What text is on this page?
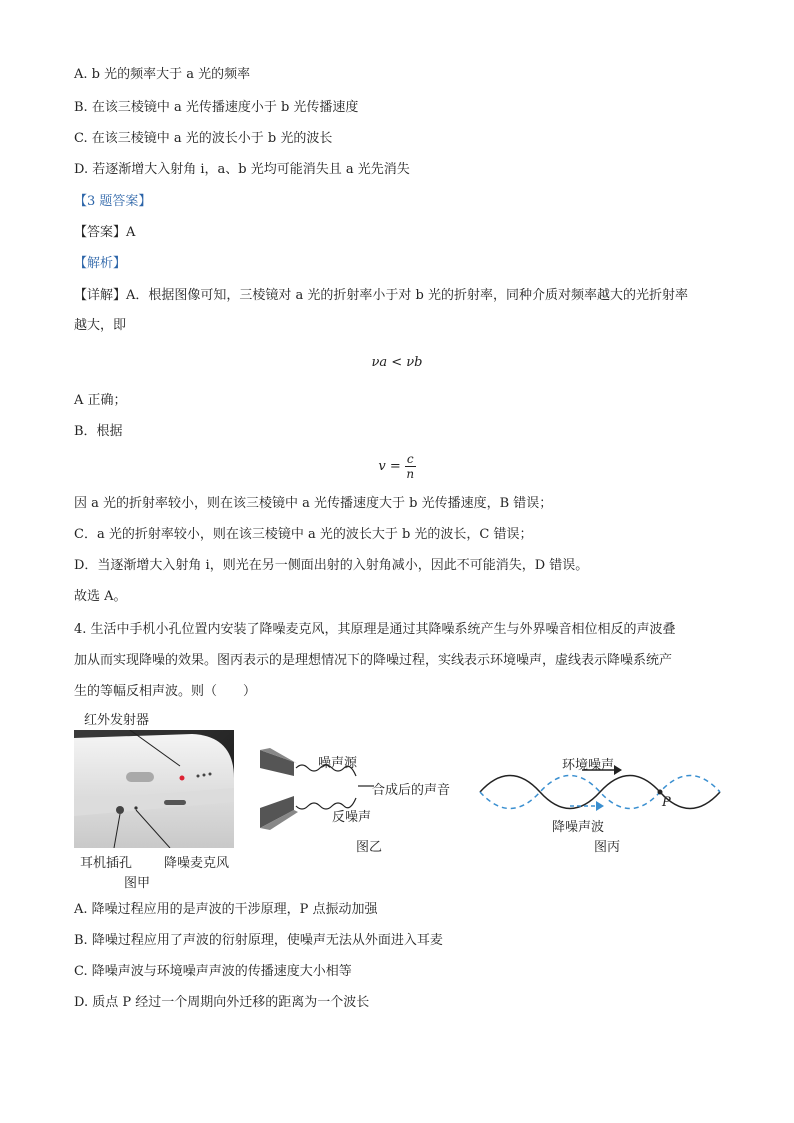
A. b 光的频率大于 a 光的频率
B. 在该三棱镜中 a 光传播速度小于 b 光传播速度
C. 在该三棱镜中 a 光的波长小于 b 光的波长
D. 若逐渐增大入射角 i，a、b 光均可能消失且 a 光先消失
【3 题答案】
【答案】A
【解析】
【详解】A．根据图像可知，三棱镜对 a 光的折射率小于对 b 光的折射率，同种介质对频率越大的光折射率
越大，即
νa < νb
A 正确；
B．根据
$v = \frac{c}{n}$
因 a 光的折射率较小，则在该三棱镜中 a 光传播速度大于 b 光传播速度，B 错误；
C．a 光的折射率较小，则在该三棱镜中 a 光的波长大于 b 光的波长，C 错误；
D．当逐渐增大入射角 i，则光在另一侧面出射的入射角减小，因此不可能消失，D 错误。
故选 A。
4. 生活中手机小孔位置内安装了降噪麦克风，其原理是通过其降噪系统产生与外界噪音相位相反的声波叠
加从而实现降噪的效果。图丙表示的是理想情况下的降噪过程，实线表示环境噪声，虚线表示降噪系统产
生的等幅反相声波。则（　　）
红外发射器
耳机插孔 降噪麦克风
图甲
噪声源
合成后的声音
反噪声
图乙
环境噪声
P
降噪声波
图丙
A. 降噪过程应用的是声波的干涉原理，P 点振动加强
B. 降噪过程应用了声波的衍射原理，使噪声无法从外面进入耳麦
C. 降噪声波与环境噪声声波的传播速度大小相等
D. 质点 P 经过一个周期向外迁移的距离为一个波长
